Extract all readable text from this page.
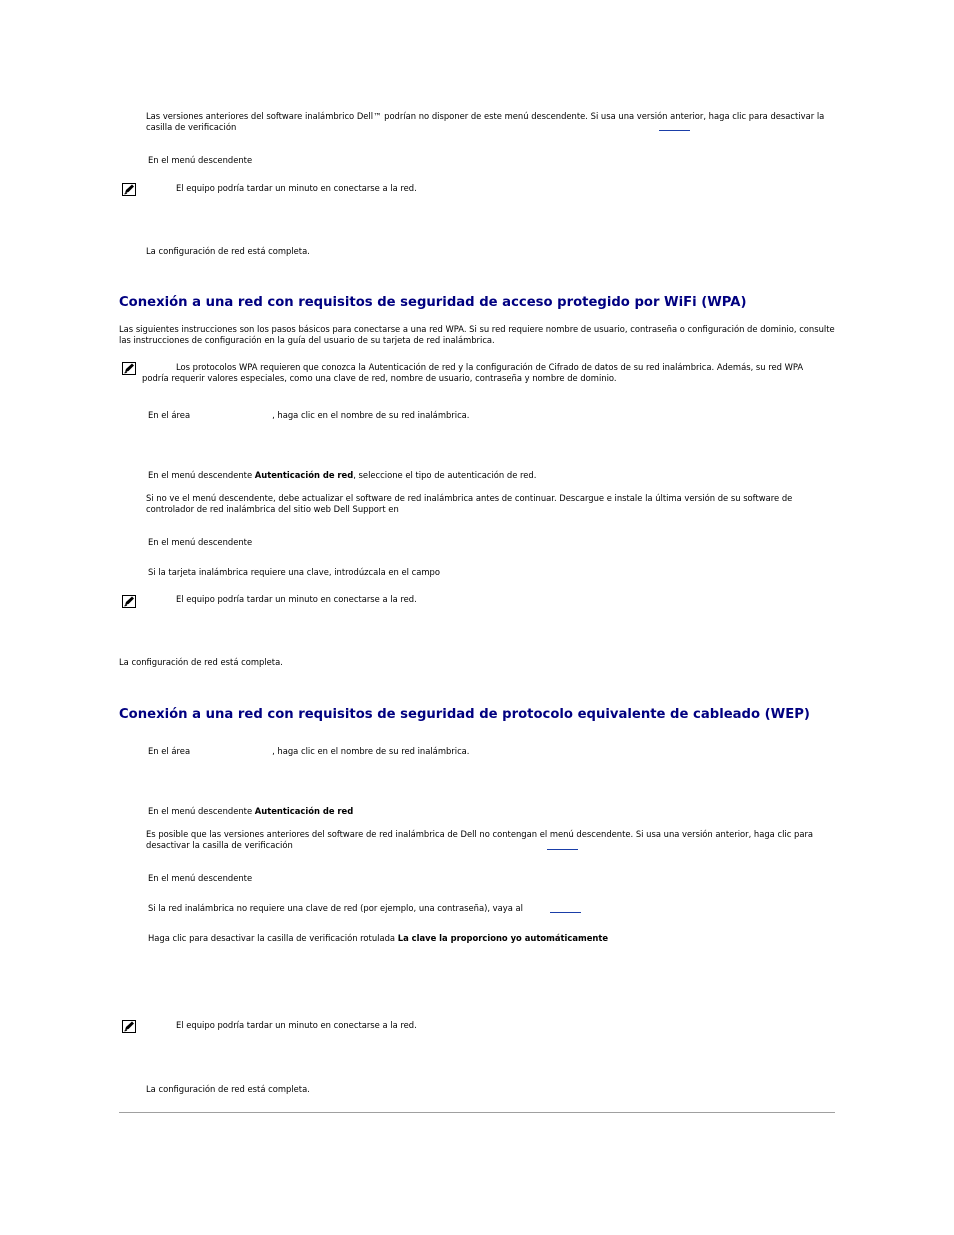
Las versiones anteriores del software inalámbrico Dell™ podrían no disponer de este menú descendente. Si usa una versión anterior, haga clic para desactivar la casilla de verificación
En el menú descendente
El equipo podría tardar un minuto en conectarse a la red.
La configuración de red está completa.
Conexión a una red con requisitos de seguridad de acceso protegido por WiFi (WPA)
Las siguientes instrucciones son los pasos básicos para conectarse a una red WPA. Si su red requiere nombre de usuario, contraseña o configuración de dominio, consulte las instrucciones de configuración en la guía del usuario de su tarjeta de red inalámbrica.
Los protocolos WPA requieren que conozca la Autenticación de red y la configuración de Cifrado de datos de su red inalámbrica. Además, su red WPA podría requerir valores especiales, como una clave de red, nombre de usuario, contraseña y nombre de dominio.
En el área	, haga clic en el nombre de su red inalámbrica.
En el menú descendente Autenticación de red, seleccione el tipo de autenticación de red.
Si no ve el menú descendente, debe actualizar el software de red inalámbrica antes de continuar. Descargue e instale la última versión de su software de controlador de red inalámbrica del sitio web Dell Support en
En el menú descendente
Si la tarjeta inalámbrica requiere una clave, introdúzcala en el campo
El equipo podría tardar un minuto en conectarse a la red.
La configuración de red está completa.
Conexión a una red con requisitos de seguridad de protocolo equivalente de cableado (WEP)
En el área	, haga clic en el nombre de su red inalámbrica.
En el menú descendente Autenticación de red
Es posible que las versiones anteriores del software de red inalámbrica de Dell no contengan el menú descendente. Si usa una versión anterior, haga clic para desactivar la casilla de verificación
En el menú descendente
Si la red inalámbrica no requiere una clave de red (por ejemplo, una contraseña), vaya al
Haga clic para desactivar la casilla de verificación rotulada La clave la proporciono yo automáticamente
El equipo podría tardar un minuto en conectarse a la red.
La configuración de red está completa.
